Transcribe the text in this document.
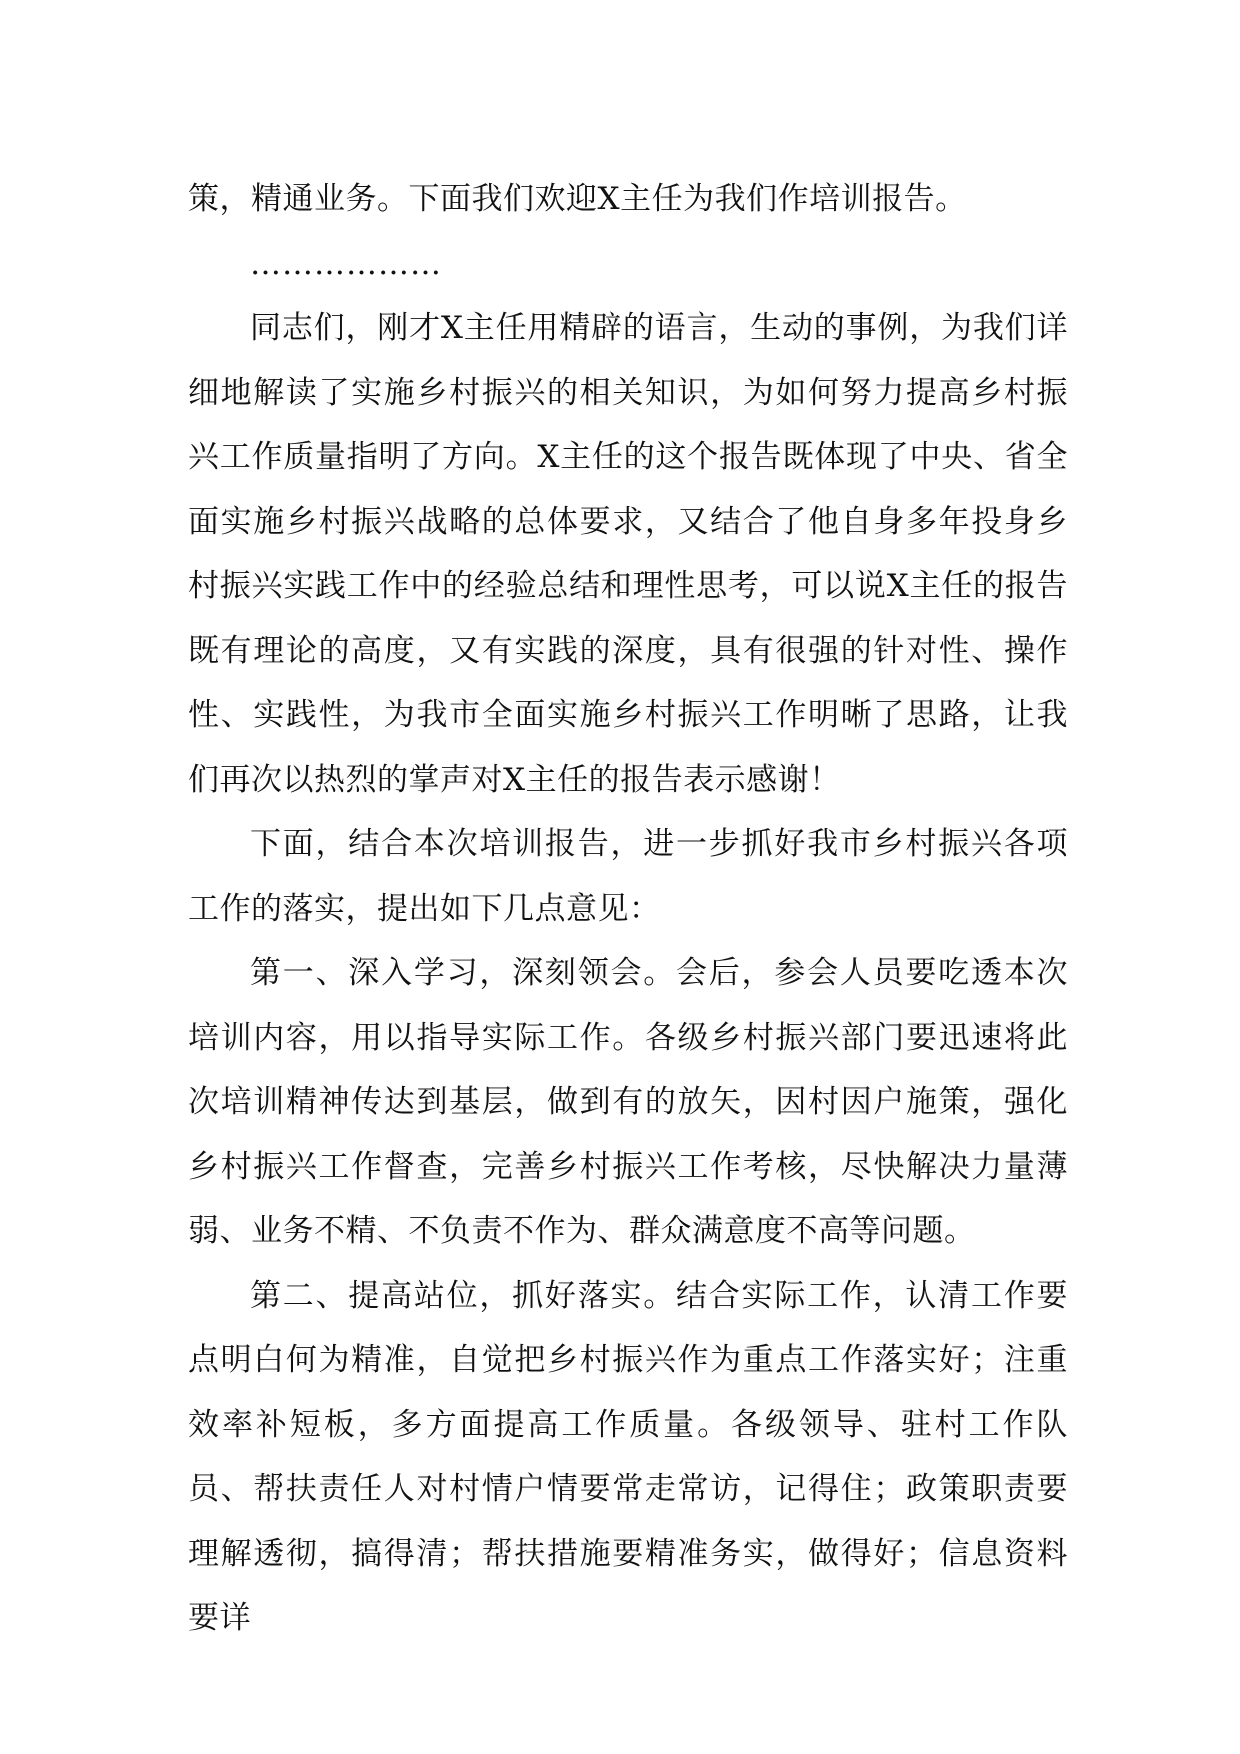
策，精通业务。下面我们欢迎X主任为我们作培训报告。

………………

同志们，刚才X主任用精辟的语言，生动的事例，为我们详细地解读了实施乡村振兴的相关知识，为如何努力提高乡村振兴工作质量指明了方向。X主任的这个报告既体现了中央、省全面实施乡村振兴战略的总体要求，又结合了他自身多年投身乡村振兴实践工作中的经验总结和理性思考，可以说X主任的报告既有理论的高度，又有实践的深度，具有很强的针对性、操作性、实践性，为我市全面实施乡村振兴工作明晰了思路，让我们再次以热烈的掌声对X主任的报告表示感谢！

下面，结合本次培训报告，进一步抓好我市乡村振兴各项工作的落实，提出如下几点意见：

第一、深入学习，深刻领会。会后，参会人员要吃透本次培训内容，用以指导实际工作。各级乡村振兴部门要迅速将此次培训精神传达到基层，做到有的放矢，因村因户施策，强化乡村振兴工作督查，完善乡村振兴工作考核，尽快解决力量薄弱、业务不精、不负责不作为、群众满意度不高等问题。

第二、提高站位，抓好落实。结合实际工作，认清工作要点明白何为精准，自觉把乡村振兴作为重点工作落实好；注重效率补短板，多方面提高工作质量。各级领导、驻村工作队员、帮扶责任人对村情户情要常走常访，记得住；政策职责要理解透彻，搞得清；帮扶措施要精准务实，做得好；信息资料要详
